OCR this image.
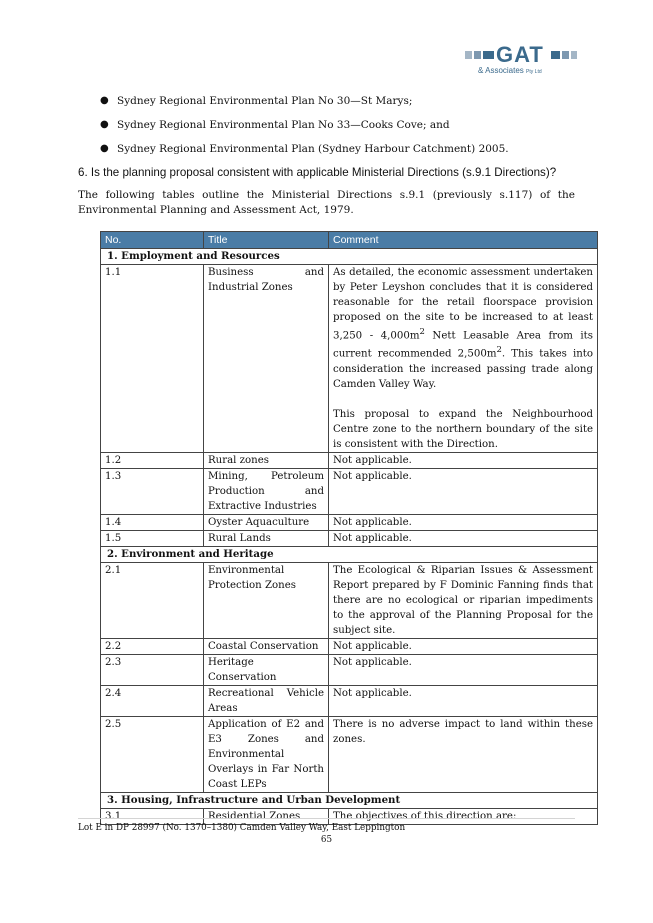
GAT
& Associates Pty Ltd
● Sydney Regional Environmental Plan No 30—St Marys;
● Sydney Regional Environmental Plan No 33—Cooks Cove; and
● Sydney Regional Environmental Plan (Sydney Harbour Catchment) 2005.
6. Is the planning proposal consistent with applicable Ministerial Directions (s.9.1 Directions)?
The following tables outline the Ministerial Directions s.9.1 (previously s.117) of the Environmental Planning and Assessment Act, 1979.
No.	Title	Comment
1. Employment and Resources		
1.1	Business and Industrial Zones	As detailed, the economic assessment undertaken by Peter Leyshon concludes that it is considered reasonable for the retail floorspace provision proposed on the site to be increased to at least $3,250 - 4,000m^2$ Nett Leasable Area from its current recommended $2,500m^2$. This takes into consideration the increased passing trade along Camden Valley Way.
This proposal to expand the Neighbourhood Centre zone to the northern boundary of the site is consistent with the Direction.

1.2	Rural zones	Not applicable.
1.3	Mining, Petroleum Production and Extractive Industries	Not applicable.
1.4	Oyster Aquaculture	Not applicable.
1.5	Rural Lands	Not applicable.
2. Environment and Heritage		
2.1	Environmental Protection Zones	The Ecological & Riparian Issues & Assessment Report prepared by F Dominic Fanning finds that there are no ecological or riparian impediments to the approval of the Planning Proposal for the subject site.
2.2	Coastal Conservation	Not applicable.
2.3	Heritage Conservation	Not applicable.
2.4	Recreational Vehicle Areas	Not applicable.
2.5	Application of E2 and E3 Zones and Environmental Overlays in Far North Coast LEPs	There is no adverse impact to land within these zones.
3. Housing, Infrastructure and Urban Development		
3.1	Residential Zones	The objectives of this direction are:
Lot E in DP 28997 (No. 1370–1380) Camden Valley Way, East Leppington
65
